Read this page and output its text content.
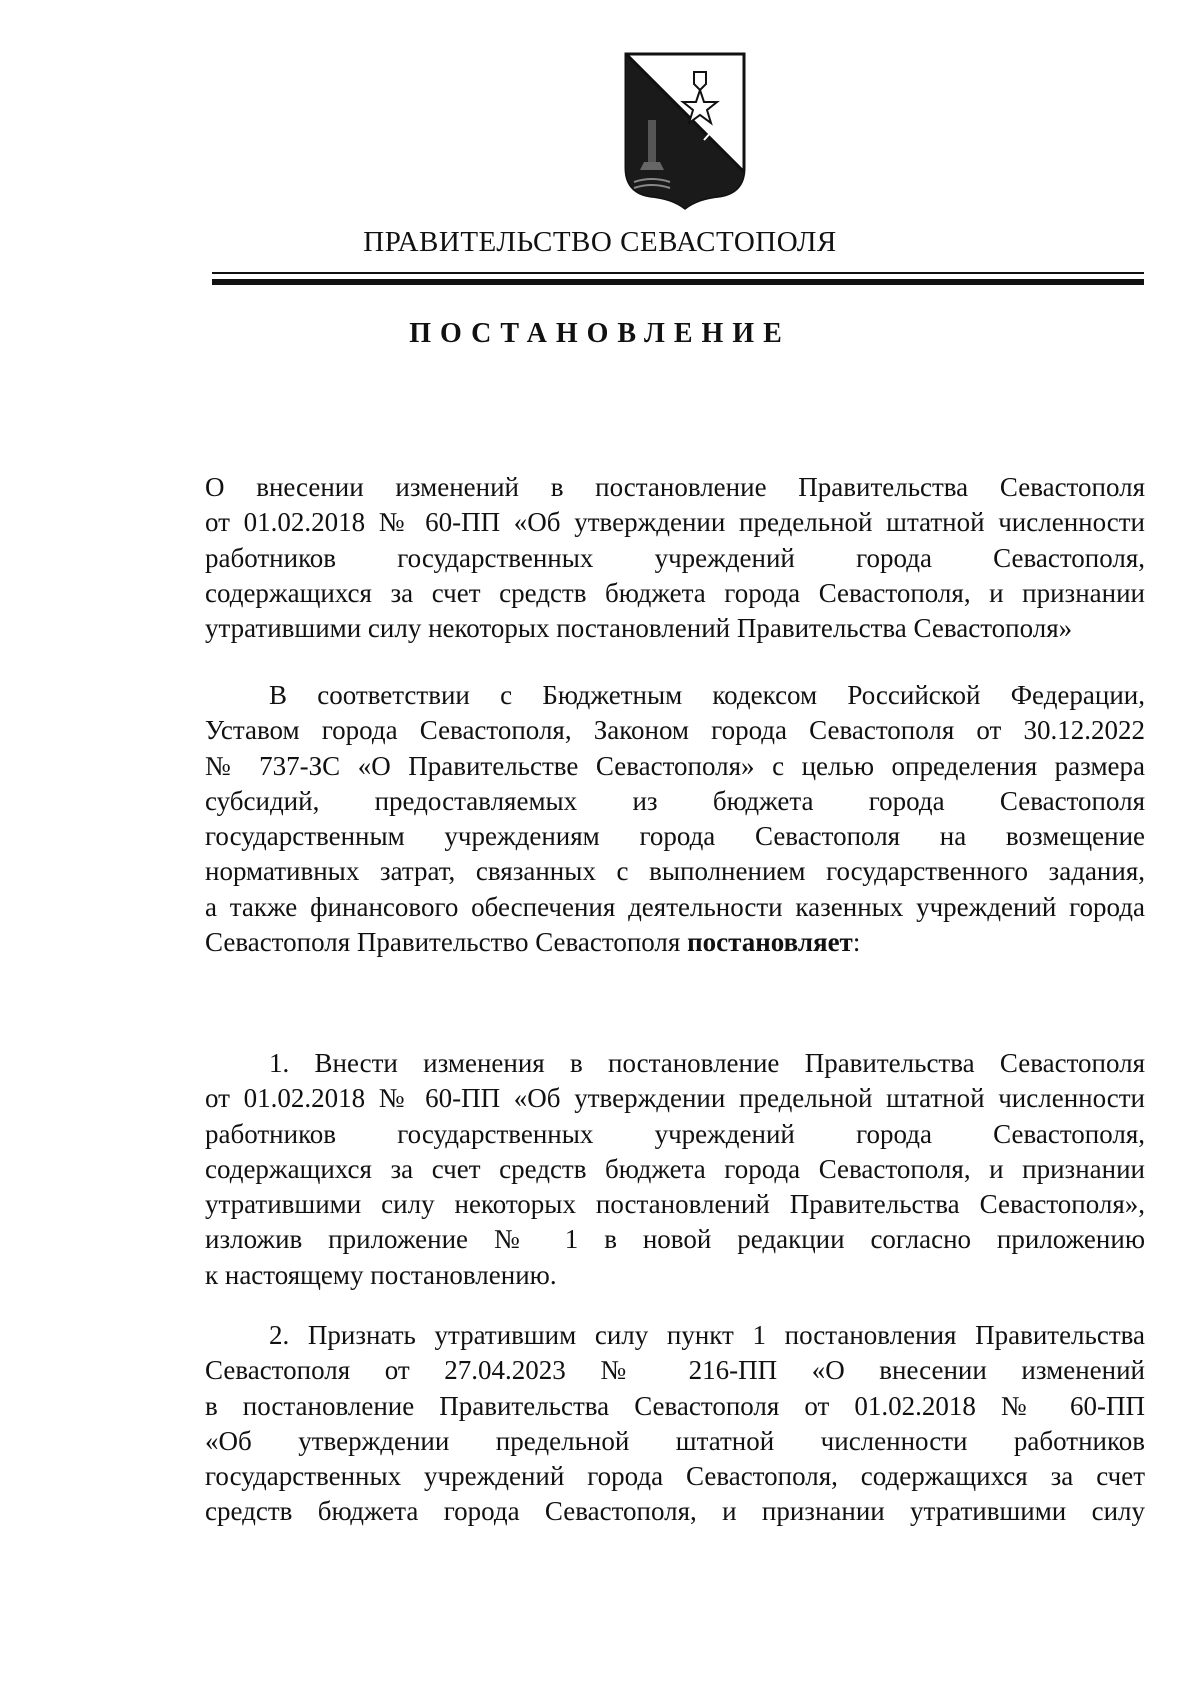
ПРАВИТЕЛЬСТВО СЕВАСТОПОЛЯ
ПОСТАНОВЛЕНИЕ
О внесении изменений в постановление Правительства Севастополя
от 01.02.2018 № 60-ПП «Об утверждении предельной штатной численности
работников государственных учреждений города Севастополя,
содержащихся за счет средств бюджета города Севастополя, и признании
утратившими силу некоторых постановлений Правительства Севастополя»
В соответствии с Бюджетным кодексом Российской Федерации,
Уставом города Севастополя, Законом города Севастополя от 30.12.2022
№ 737-ЗС «О Правительстве Севастополя» с целью определения размера
субсидий, предоставляемых из бюджета города Севастополя
государственным учреждениям города Севастополя на возмещение
нормативных затрат, связанных с выполнением государственного задания,
а также финансового обеспечения деятельности казенных учреждений города
Севастополя Правительство Севастополя постановляет:
1. Внести изменения в постановление Правительства Севастополя
от 01.02.2018 № 60-ПП «Об утверждении предельной штатной численности
работников государственных учреждений города Севастополя,
содержащихся за счет средств бюджета города Севастополя, и признании
утратившими силу некоторых постановлений Правительства Севастополя»,
изложив приложение № 1 в новой редакции согласно приложению
к настоящему постановлению.
2. Признать утратившим силу пункт 1 постановления Правительства
Севастополя от 27.04.2023 № 216-ПП «О внесении изменений
в постановление Правительства Севастополя от 01.02.2018 № 60-ПП
«Об утверждении предельной штатной численности работников
государственных учреждений города Севастополя, содержащихся за счет
средств бюджета города Севастополя, и признании утратившими силу
